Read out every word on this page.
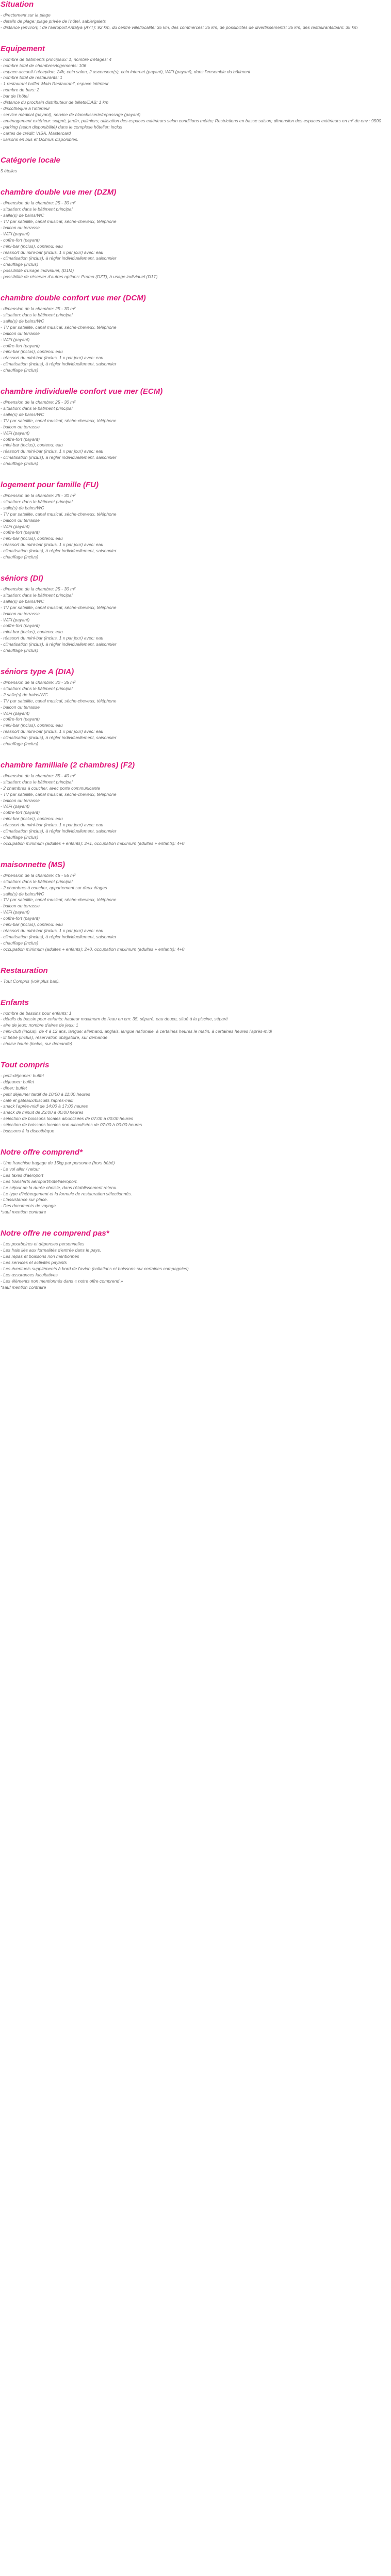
Situation
- directement sur la plage
- details de plage: plage privée de l'hôtel, sable/galets
- distance (environ) : de l'aéroport Antalya (AYT): 92 km, du centre ville/localité: 35 km, des commerces: 35 km, de possibilités de divertissements: 35 km, des restaurants/bars: 35 km
Equipement
- nombre de bâtiments principaux: 1, nombre d'étages: 4
- nombre total de chambres/logements: 106
- espace accueil / réception, 24h, coin salon, 2 ascenseur(s), coin internet (payant), WiFi (payant), dans l'ensemble du bâtiment
- nombre total de restaurants: 1
- 1 restaurant buffet 'Main Restaurant', espace intérieur
- nombre de bars: 2
- bar de l'hôtel
- distance du prochain distributeur de billets/DAB: 1 km
- discothèque à l'intérieur
- service médical (payant), service de blanchisserie/repassage (payant)
- aménagement extérieur: soigné, jardin, palmiers; utilisation des espaces extérieurs selon conditions météo; Restrictions en basse saison; dimension des espaces extérieurs en m² de env.: 9500
- parking (selon disponibilité) dans le complexe hôtelier: inclus
- cartes de crédit: VISA, Mastercard
- liaisons en bus et Dolmus disponibles.
Catégorie locale
5 étoiles
chambre double vue mer (DZM)
- dimension de la chambre: 25 - 30 m²
- situation: dans le bâtiment principal
- salle(s) de bains/WC
- TV par satellite, canal musical, sèche-cheveux, téléphone
- balcon ou terrasse
- WiFi (payant)
- coffre-fort (payant)
- mini-bar (inclus), contenu: eau
- réassort du mini-bar (inclus, 1 x par jour) avec: eau
- climatisation (inclus), à régler individuellement, saisonnier
- chauffage (inclus)
- possibilité d'usage individuel, (D1M)
- possibilité de réserver d'autres options: Promo (DZT), à usage individuel (D1T)
chambre double confort vue mer (DCM)
- dimension de la chambre: 25 - 30 m²
- situation: dans le bâtiment principal
- salle(s) de bains/WC
- TV par satellite, canal musical, sèche-cheveux, téléphone
- balcon ou terrasse
- WiFi (payant)
- coffre-fort (payant)
- mini-bar (inclus), contenu: eau
- réassort du mini-bar (inclus, 1 x par jour) avec: eau
- climatisation (inclus), à régler individuellement, saisonnier
- chauffage (inclus)
chambre individuelle confort vue mer (ECM)
- dimension de la chambre: 25 - 30 m²
- situation: dans le bâtiment principal
- salle(s) de bains/WC
- TV par satellite, canal musical, sèche-cheveux, téléphone
- balcon ou terrasse
- WiFi (payant)
- coffre-fort (payant)
- mini-bar (inclus), contenu: eau
- réassort du mini-bar (inclus, 1 x par jour) avec: eau
- climatisation (inclus), à régler individuellement, saisonnier
- chauffage (inclus)
logement pour famille (FU)
- dimension de la chambre: 25 - 30 m²
- situation: dans le bâtiment principal
- salle(s) de bains/WC
- TV par satellite, canal musical, sèche-cheveux, téléphone
- balcon ou terrasse
- WiFi (payant)
- coffre-fort (payant)
- mini-bar (inclus), contenu: eau
- réassort du mini-bar (inclus, 1 x par jour) avec: eau
- climatisation (inclus), à régler individuellement, saisonnier
- chauffage (inclus)
séniors (DI)
- dimension de la chambre: 25 - 30 m²
- situation: dans le bâtiment principal
- salle(s) de bains/WC
- TV par satellite, canal musical, sèche-cheveux, téléphone
- balcon ou terrasse
- WiFi (payant)
- coffre-fort (payant)
- mini-bar (inclus), contenu: eau
- réassort du mini-bar (inclus, 1 x par jour) avec: eau
- climatisation (inclus), à régler individuellement, saisonnier
- chauffage (inclus)
séniors type A (DIA)
- dimension de la chambre: 30 - 35 m²
- situation: dans le bâtiment principal
- 2 salle(s) de bains/WC
- TV par satellite, canal musical, sèche-cheveux, téléphone
- balcon ou terrasse
- WiFi (payant)
- coffre-fort (payant)
- mini-bar (inclus), contenu: eau
- réassort du mini-bar (inclus, 1 x par jour) avec: eau
- climatisation (inclus), à régler individuellement, saisonnier
- chauffage (inclus)
chambre familliale (2 chambres) (F2)
- dimension de la chambre: 35 - 40 m²
- situation: dans le bâtiment principal
- 2 chambres à coucher, avec porte communicante
- TV par satellite, canal musical, sèche-cheveux, téléphone
- balcon ou terrasse
- WiFi (payant)
- coffre-fort (payant)
- mini-bar (inclus), contenu: eau
- réassort du mini-bar (inclus, 1 x par jour) avec: eau
- climatisation (inclus), à régler individuellement, saisonnier
- chauffage (inclus)
- occupation minimum (adultes + enfants): 2+1, occupation maximum (adultes + enfants): 4+0
maisonnette (MS)
- dimension de la chambre: 45 - 55 m²
- situation: dans le bâtiment principal
- 2 chambres à coucher, appartement sur deux étages
- salle(s) de bains/WC
- TV par satellite, canal musical, sèche-cheveux, téléphone
- balcon ou terrasse
- WiFi (payant)
- coffre-fort (payant)
- mini-bar (inclus), contenu: eau
- réassort du mini-bar (inclus, 1 x par jour) avec: eau
- climatisation (inclus), à régler individuellement, saisonnier
- chauffage (inclus)
- occupation minimum (adultes + enfants): 2+0, occupation maximum (adultes + enfants): 4+0
Restauration
- Tout Compris (voir plus bas).
Enfants
- nombre de bassins pour enfants: 1
- détails du bassin pour enfants: hauteur maximum de l'eau en cm: 35, séparé, eau douce, situé à la piscine, séparé
- aire de jeux: nombre d'aires de jeux: 1
- mini-club (inclus), de 4 à 12 ans, langue: allemand, anglais, langue nationale, à certaines heures le matin, à certaines heures l'après-midi
- lit bébé (inclus), réservation obligatoire, sur demande
- chaise haute (inclus, sur demande)
Tout compris
- petit-déjeuner: buffet
- déjeuner: buffet
- dîner: buffet
- petit déjeuner tardif de 10:00 à 11:00 heures
- café et gâteaux/biscuits l'après-midi
- snack l'après-midi de 14:00 à 17:00 heures
- snack de minuit de 23:00 à 00:00 heures
- sélection de boissons locales alcoolisées de 07:00 à 00:00 heures
- sélection de boissons locales non-alcoolisées de 07:00 à 00:00 heures
- boissons à la discothèque
Notre offre comprend*
- Une franchise bagage de 15kg par personne (hors bébé)
- Le vol aller / retour
- Les taxes d'aéroport
- Les transferts aéroport/hôtel/aéroport.
- Le séjour de la durée choisie, dans l'établissement retenu.
- Le type d'hébergement et la formule de restauration sélectionnés.
- L'assistance sur place.
- Des documents de voyage.
*sauf mention contraire
Notre offre ne comprend pas*
- Les pourboires et dépenses personnelles
- Les frais liés aux formalités d'entrée dans le pays.
- Les repas et boissons non mentionnés
- Les services et activités payants
- Les éventuels suppléments à bord de l'avion (collations et boissons sur certaines compagnies)
- Les assurances facultatives
- Les éléments non mentionnés dans « notre offre comprend »
*sauf mention contraire
